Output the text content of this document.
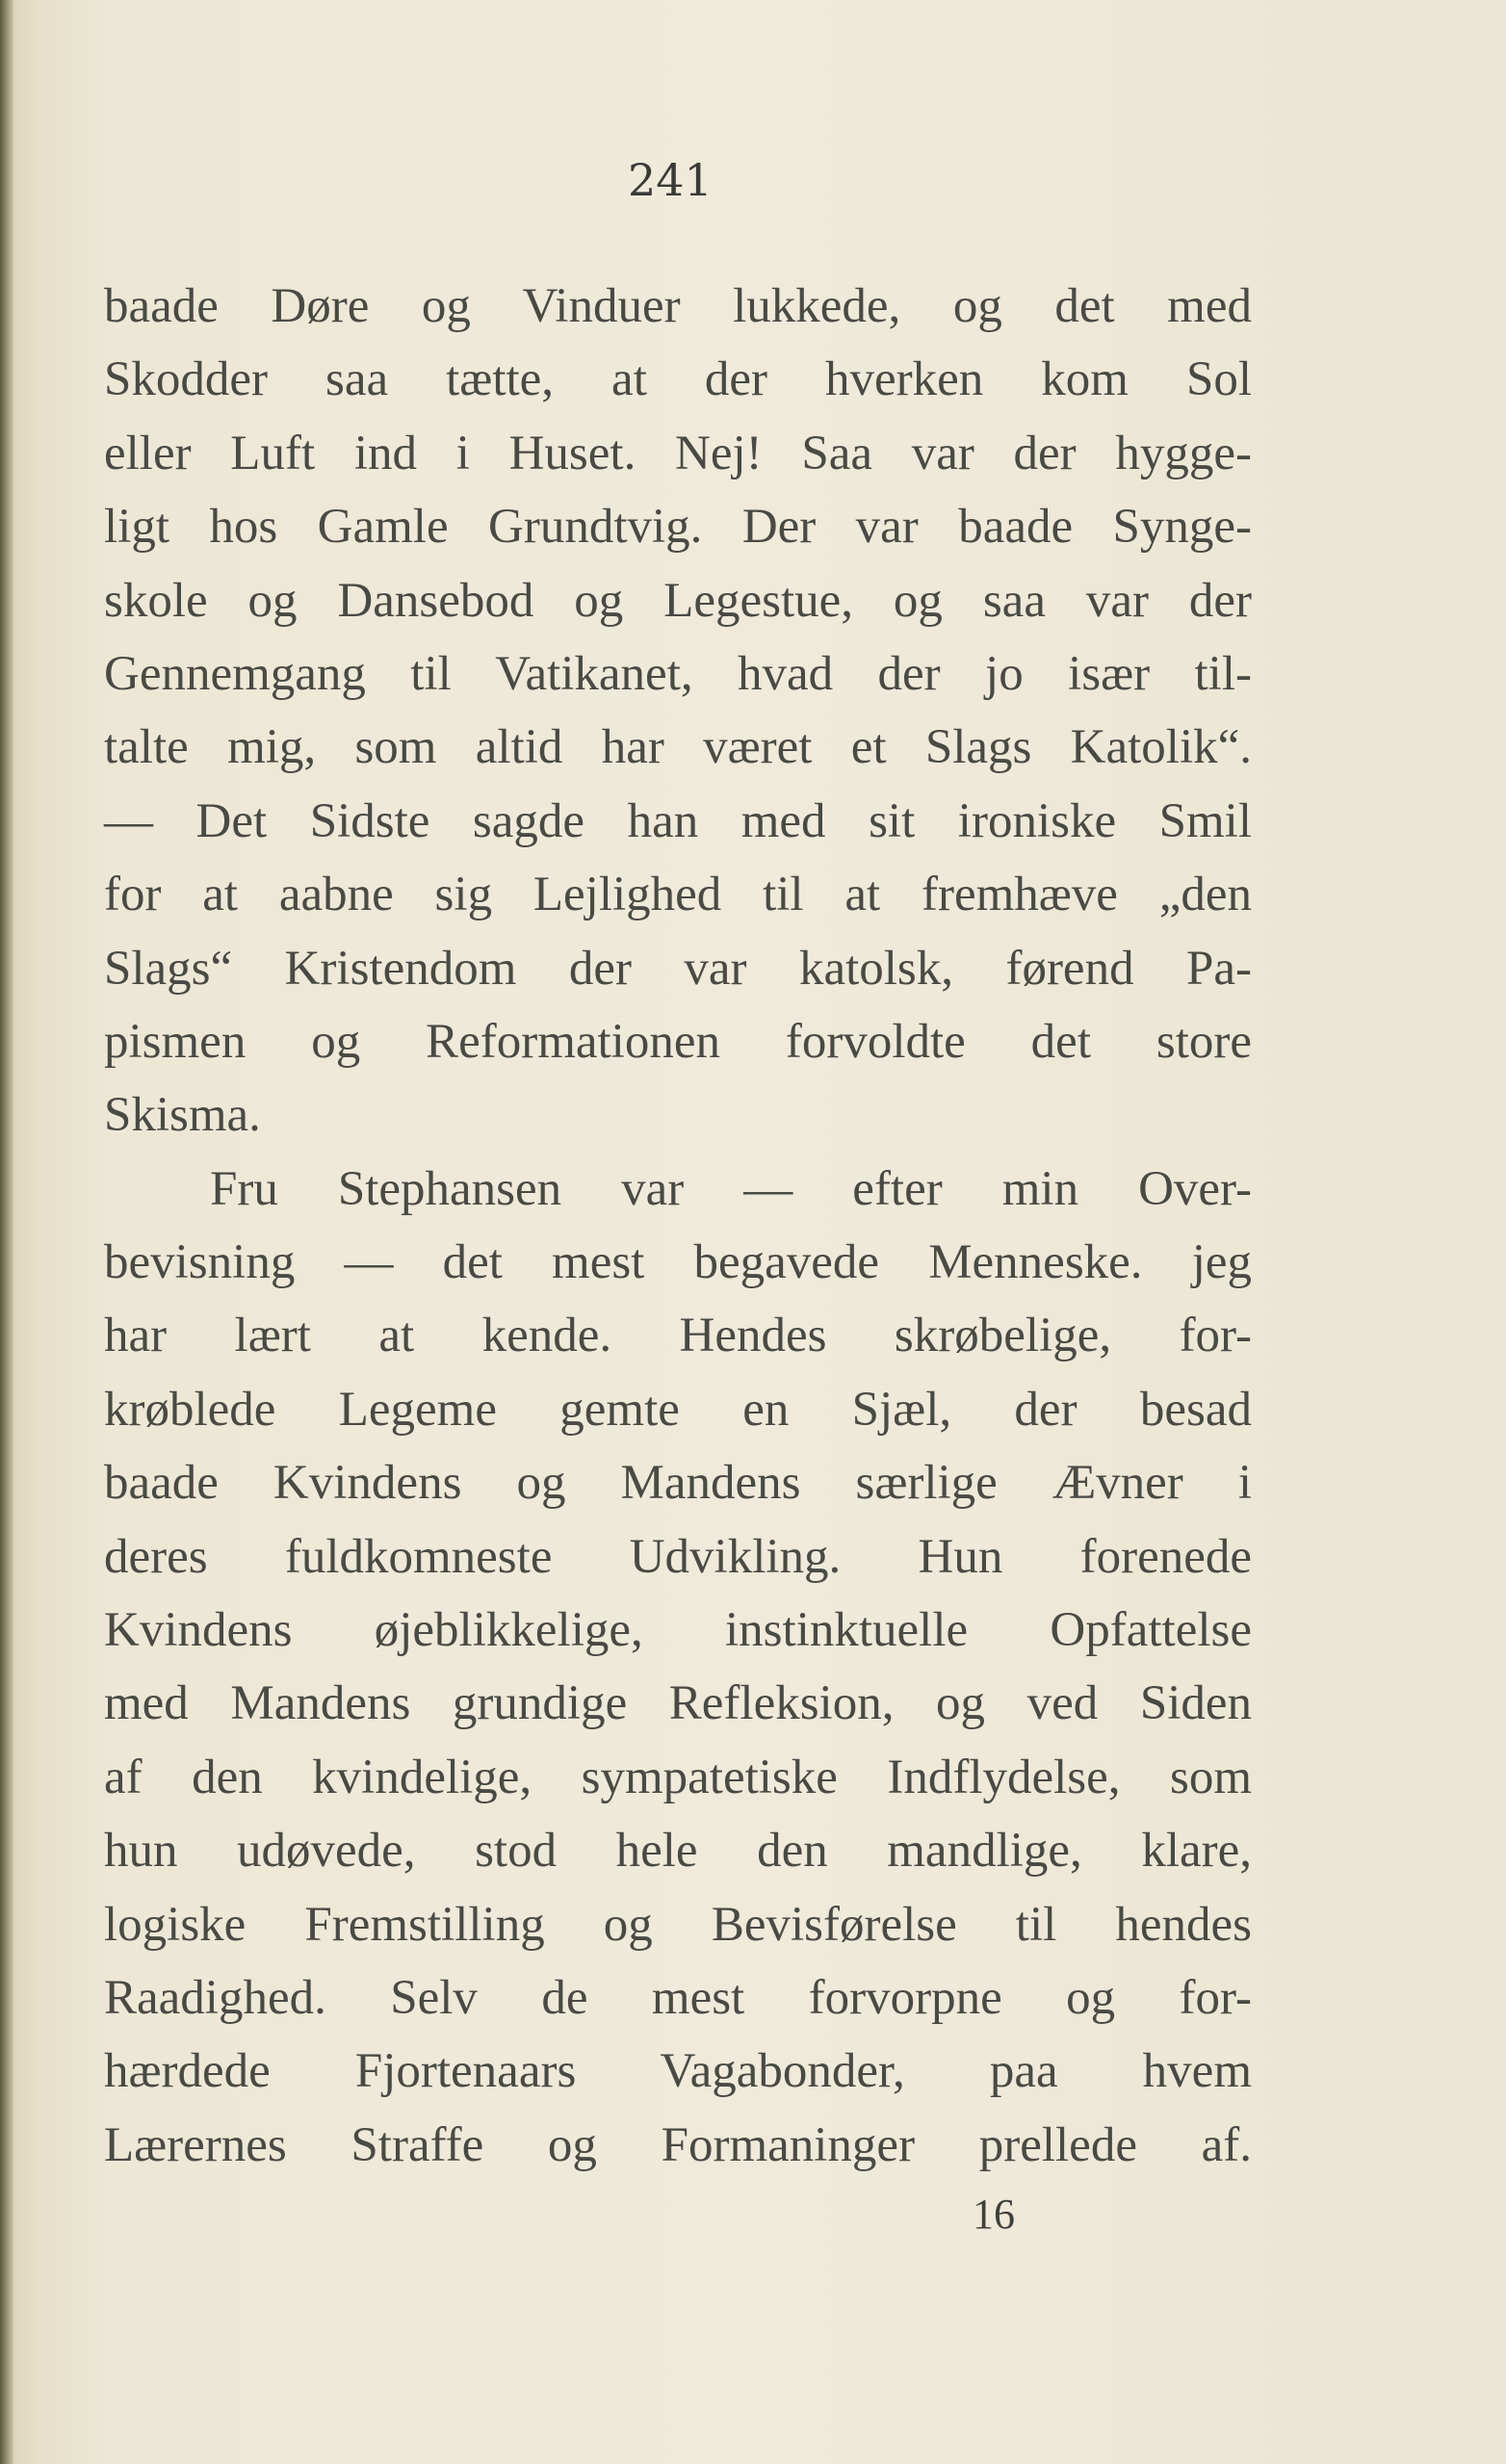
241
baade Døre og Vinduer lukkede, og det med
Skodder saa tætte, at der hverken kom Sol
eller Luft ind i Huset. Nej! Saa var der hygge-
ligt hos Gamle Grundtvig. Der var baade Synge-
skole og Dansebod og Legestue, og saa var der
Gennemgang til Vatikanet, hvad der jo især til-
talte mig, som altid har været et Slags Katolik“.
— Det Sidste sagde han med sit ironiske Smil
for at aabne sig Lejlighed til at fremhæve „den
Slags“ Kristendom der var katolsk, førend Pa-
pismen og Reformationen forvoldte det store
Skisma.
Fru Stephansen var — efter min Over-
bevisning — det mest begavede Menneske. jeg
har lært at kende. Hendes skrøbelige, for-
krøblede Legeme gemte en Sjæl, der besad
baade Kvindens og Mandens særlige Ævner i
deres fuldkomneste Udvikling. Hun forenede
Kvindens øjeblikkelige, instinktuelle Opfattelse
med Mandens grundige Refleksion, og ved Siden
af den kvindelige, sympatetiske Indflydelse, som
hun udøvede, stod hele den mandlige, klare,
logiske Fremstilling og Bevisførelse til hendes
Raadighed. Selv de mest forvorpne og for-
hærdede Fjortenaars Vagabonder, paa hvem
Lærernes Straffe og Formaninger prellede af.
16
